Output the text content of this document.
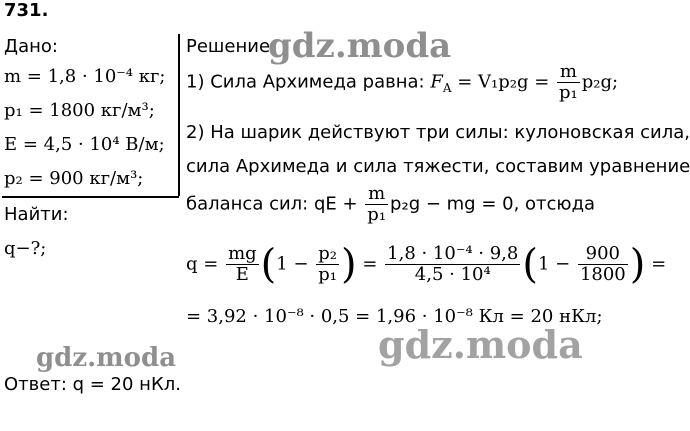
731.
Дано:
m = 1,8 · 10⁻⁴ кг;
p₁ = 1800 кг/м³;
E = 4,5 · 10⁴ В/м;
p₂ = 900 кг/м³;
Найти:
q−?;
Решение:
1) Сила Архимеда равна: $F_A = V_1p_2g = \frac{m}{\text{p₁}} p_2g$;
2) На шарик действуют три силы: кулоновская сила,
сила Архимеда и сила тяжести, составим уравнение
баланса сил: qE + $\frac{m}{\text{p₁}} p_2g$ − mg = 0, отсюда
$q = \frac{mg}{E} (1 - \frac{\text{p₂}}{\text{p₁}}$ ) = $\frac{\text{1,8 · 10⁻⁴ · 9,8}}{\text{4,5 · 10⁴}} (1 - \frac{900}{1800}$ ) =
= 3,92 · 10⁻⁸ · 0,5 = 1,96 · 10⁻⁸ Кл = 20 нКл;
Ответ: q = 20 нКл.
gdz.moda
gdz.moda	gdz.moda
